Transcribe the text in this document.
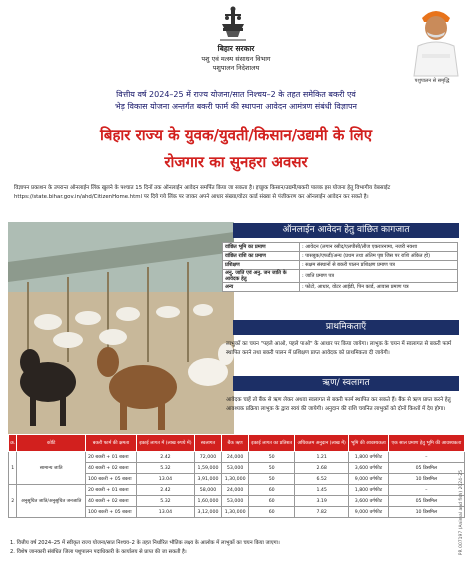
बिहार सरकार
पशु एवं मत्स्य संसाधन विभाग
पशुपालन निदेशालय
पशुपालन से समृद्धि
वित्तीय वर्ष 2024–25 में राज्य योजना/सात निश्चय–2 के तहत समेकित बकरी एवं
भेड़ विकास योजना अन्तर्गत बकरी फार्म की स्थापना आवेदन आमंत्रण संबंधी विज्ञापन
बिहार राज्य के युवक/युवती/किसान/उद्यमी के लिए
रोजगार का सुनहरा अवसर
विज्ञापन प्रकाशन के उपरान्त ऑनलाईन लिंक खुलने के पश्चात 15 दिनों तक ऑनलाईन आवेदन समर्पित किया जा सकता है। इच्छुक किसान/उद्यमी/बकरी पालक इस योजना हेतु विभागीय वेबसाईट https://state.bihar.gov.in/ahd/CitizenHome.html पर दिये गये लिंक पर जाकर अपने आधार संख्या/वोटर कार्ड संख्या से पंजीकरण कर ऑनलाईन आवेदन कर सकते है।
ऑनलाईन आवेदन हेतु वांछित कागजात
वांछित भूमि का प्रमाण	: आवेदन (लगान रसीद/एलपीसी/लीज एकरारनामा, नजरी नक्शा
वांछित राशि का प्रमाण	: पासबुक/एफडी/अन्य (प्रथम तथा अंतिम पृष्ठ जिस पर राशि अंकित हो)
प्रशिक्षण	: सक्षम संस्थानों से बकरी पालन प्रशिक्षण प्रमाण पत्र
अनु. जाति एवं अनु. जन जाति के आवेदक हेतु	: जाति प्रमाण पत्र
अन्य	: फोटो, आधार, वोटर आईडी, पिन कार्ड, आवास प्रमाण पत्र
प्राथमिकताएँ
लाभुकों का चयन "पहले आओ, पहले पाओ" के आधार पर किया जायेगा। लाभुक के चयन में स्वलागत से बकरी फार्म स्थापित करने तथा बकरी पालन में प्रशिक्षण प्राप्त आवेदक को प्राथमिकता दी जायेगी।
ऋण/ स्वलागत
आवेदक चाहें तो बैंक से ऋण लेकर अथवा स्वलागत से बकरी फार्म स्थापित कर सकते हैं। बैंक से ऋण प्राप्त करने हेतु आवश्यक प्रक्रिया लाभुक के द्वारा स्वयं की जायेगी। अनुदान की राशि चयनित लाभुकों को दोनों किश्तों में देय होगा।
क्र.	कोटि	बकरी फार्म की क्षमता	इकाई लागत में (लाख रुपये में)	स्वलागत	बैंक ऋण	इकाई लागत का प्रतिशत	अधिकतम अनुदान (लाख में)	भूमि की आवश्यकता	एक साल प्रमाण हेतु भूमि की आवश्यकता
1	सामान्य जाति	20 बकरी + 01 बकरा	2.42	72,000	24,000	50	1.21	1,800 वर्गफीट	–
		40 बकरी + 02 बकरा	5.32	1,59,000	53,000	50	2.68	3,600 वर्गफीट	05 डिसमिल
		100 बकरी + 05 बकरा	13.04	3,91,000	1,30,000	50	6.52	9,000 वर्गफीट	10 डिसमिल
2	अनुसूचित जाति/अनुसूचित जनजाति	20 बकरी + 01 बकरा	2.42	58,000	24,000	60	1.45	1,800 वर्गफीट	–
		40 बकरी + 02 बकरा	5.32	1,60,000	53,000	60	3.19	3,600 वर्गफीट	05 डिसमिल
		100 बकरी + 05 बकरा	13.04	3,12,000	1,30,000	60	7.82	9,000 वर्गफीट	10 डिसमिल
1. वित्तीय वर्ष 2024–25 में स्वीकृत राज्य योजना/सात निश्चय–2 के तहत निर्धारित भौतिक लक्ष्य के आलोक में लाभुकों का चयन किया जाएगा।
2. विशेष जानकारी संबंधित जिला पशुपालन पदाधिकारी के कार्यालय से प्राप्त की जा सकती है।	PR 007197 (Animal and fish) 2024–25
